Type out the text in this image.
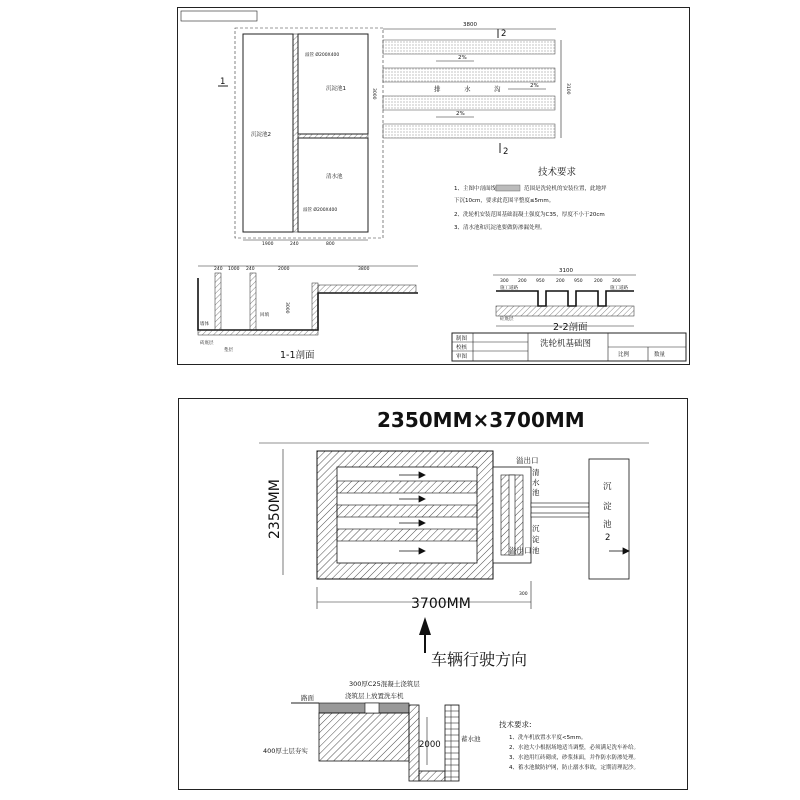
溢管 Ø200X400
溢管 Ø200X400
沉淀池1
沉淀池2
清水池
3000
1
2
2
3800
2%
2%
2%
排	水	沟	3100
1900	240	800
技术要求
1、主图中剖面线	范围是洗轮机的安装位置，此地坪
下沉10cm，要求此范围平整度≤5mm。
2、洗轮机安装范围基础混凝土强度为C35，厚度不小于20cm
3、清水池和沉淀池要做防渗漏处理。
240 1000 240	2000	3800
墙体
砖底层
垫层
回填
3000
1-1剖面
3100
300 200 950	200 950	200 300
施工道路	施工道路
砼底层
2-2剖面
制图
校核
审图
洗轮机基础图
比例	数量
2350MM×3700MM
2350MM
溢出口
溢出口
清
水
池
沉
淀
池
沉
淀
池
2
3700MM
300
车辆行驶方向
路面
300厚C25混凝土浇筑层
浇筑层上放置洗车机
400厚土层夯实
2000
蓄水池
技术要求:
1、洗车机放置水平度<5mm。
2、水池大小根据场地适当调整，必须满足洗车补给。
3、水池用红砖砌成，砂浆抹面，并作防水防渗处理。
4、蓄水池做防护网，防止溺水事故，定期清理泥沙。
